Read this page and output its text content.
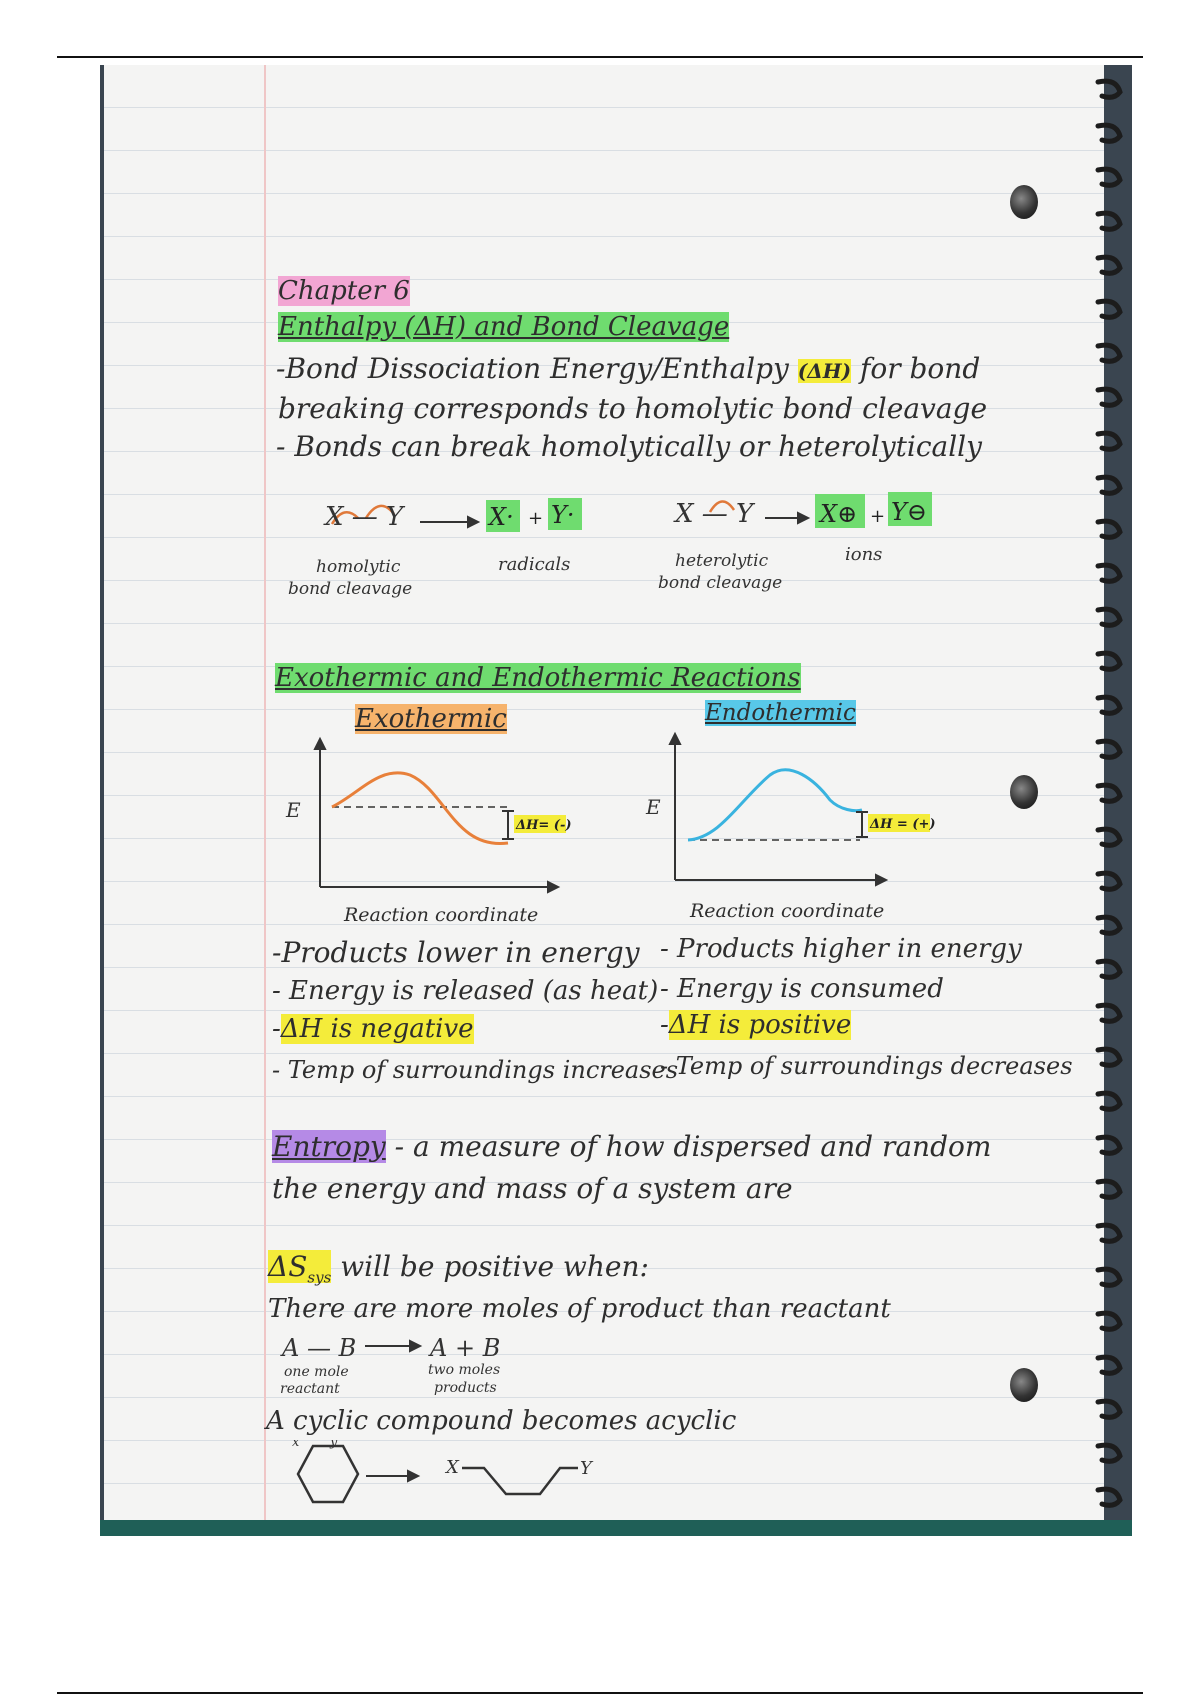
Chapter 6
Enthalpy (ΔH) and Bond Cleavage
-Bond Dissociation Energy/Enthalpy (ΔH) for bond
breaking corresponds to homolytic bond cleavage
- Bonds can break homolytically or heterolytically
X — Y	X· + Y·	X — Y	X⊕ + Y⊖
homolytic
bond cleavage
radicals	heterolytic
bond cleavage
ions
Exothermic and Endothermic Reactions
Exothermic	Endothermic
E
ΔH= (-)
Reaction coordinate
E
ΔH = (+)
Reaction coordinate
-Products lower in energy
- Energy is released (as heat)
-ΔH is negative
- Temp of surroundings increases
- Products higher in energy
- Energy is consumed
-ΔH is positive
- Temp of surroundings decreases
Entropy - a measure of how dispersed and random
the energy and mass of a system are
$\Delta S_{sys}$ will be positive when:
There are more moles of product than reactant
A — B	A + B
one mole
reactant
two moles
products
A cyclic compound becomes acyclic
x y
X	Y
